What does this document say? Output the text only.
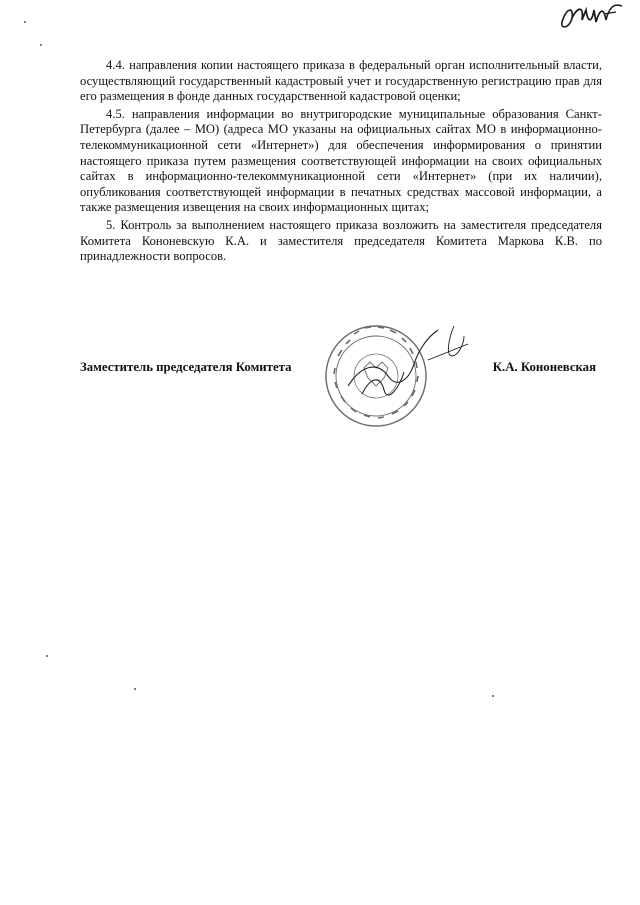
4.4. направления копии настоящего приказа в федеральный орган исполнительный власти, осуществляющий государственный кадастровый учет и государственную регистрацию прав для его размещения в фонде данных государственной кадастровой оценки;

4.5. направления информации во внутригородские муниципальные образования Санкт-Петербурга (далее – МО) (адреса МО указаны на официальных сайтах МО в информационно-телекоммуникационной сети «Интернет») для обеспечения информирования о принятии настоящего приказа путем размещения соответствующей информации на своих официальных сайтах в информационно-телекоммуникационной сети «Интернет» (при их наличии), опубликования соответствующей информации в печатных средствах массовой информации, а также размещения извещения на своих информационных щитах;

5. Контроль за выполнением настоящего приказа возложить на заместителя председателя Комитета Кононевскую К.А. и заместителя председателя Комитета Маркова К.В. по принадлежности вопросов.

Заместитель председателя Комитета	К.А. Кононевская
